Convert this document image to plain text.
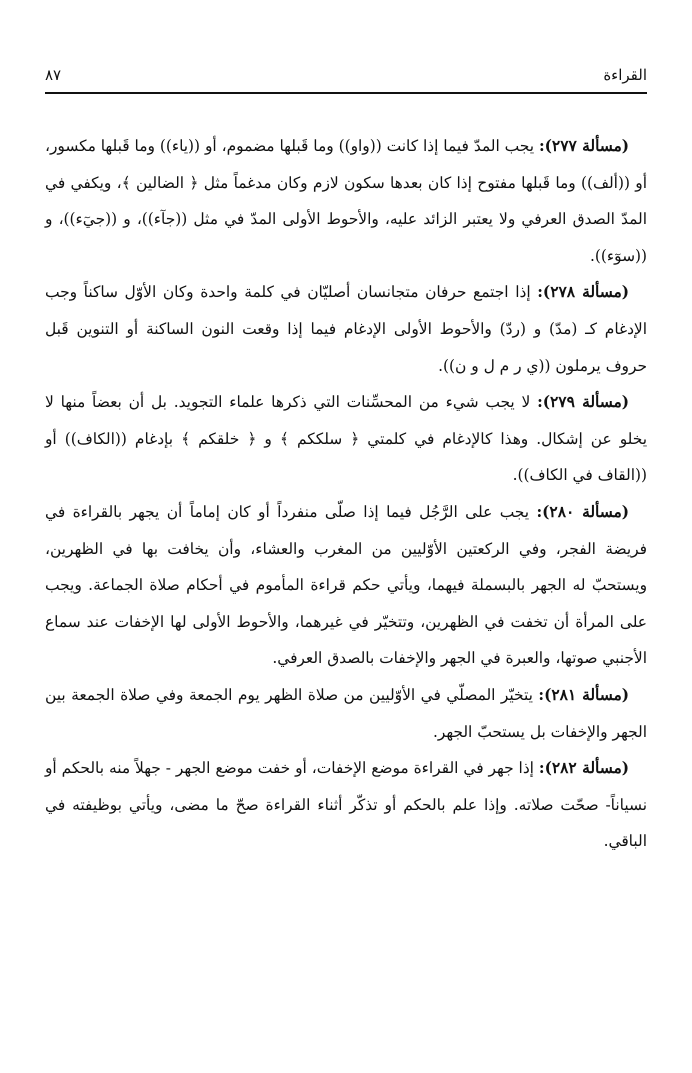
القراءة
٨٧

(مسألة ٢٧٧): يجب المدّ فيما إذا كانت ((واو)) وما قَبلها مضموم، أو ((ياء)) وما قَبلها مكسور، أو ((ألف)) وما قَبلها مفتوح إذا كان بعدها سكون لازم وكان مدغماً مثل ﴿ الضالين ﴾، ويكفي في المدّ الصدق العرفي ولا يعتبر الزائد عليه، والأحوط الأولى المدّ في مثل ((جآء))، و ((جيٓء))، و ((سوٓء)).

(مسألة ٢٧٨): إذا اجتمع حرفان متجانسان أصليّان في كلمة واحدة وكان الأوّل ساكناً وجب الإدغام كـ (مدّ) و (ردّ) والأحوط الأولى الإدغام فيما إذا وقعت النون الساكنة أو التنوين قَبل حروف يرملون ((ي ر م ل و ن)).

(مسألة ٢٧٩): لا يجب شيء من المحسِّنات التي ذكرها علماء التجويد. بل أن بعضاً منها لا يخلو عن إشكال. وهذا كالإدغام في كلمتي ﴿ سلككم ﴾ و ﴿ خلقكم ﴾ بإدغام ((الكاف)) أو ((القاف في الكاف)).

(مسألة ٢٨٠): يجب على الرَّجُل فيما إذا صلّى منفرداً أو كان إماماً أن يجهر بالقراءة في فريضة الفجر، وفي الركعتين الأوّليين من المغرب والعشاء، وأن يخافت بها في الظهرين، ويستحبّ له الجهر بالبسملة فيهما، ويأتي حكم قراءة المأموم في أحكام صلاة الجماعة. ويجب على المرأة أن تخفت في الظهرين، وتتخيّر في غيرهما، والأحوط الأولى لها الإخفات عند سماع الأجنبي صوتها، والعبرة في الجهر والإخفات بالصدق العرفي.

(مسألة ٢٨١): يتخيّر المصلّي في الأوّليين من صلاة الظهر يوم الجمعة وفي صلاة الجمعة بين الجهر والإخفات بل يستحبّ الجهر.

(مسألة ٢٨٢): إذا جهر في القراءة موضع الإخفات، أو خفت موضع الجهر - جهلاً منه بالحكم أو نسياناً- صحّت صلاته. وإذا علم بالحكم أو تذكّر أثناء القراءة صحّ ما مضى، ويأتي بوظيفته في الباقي.
